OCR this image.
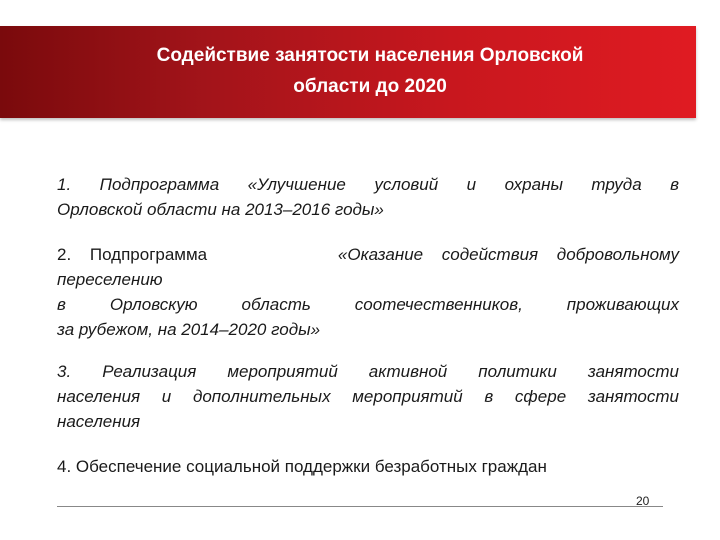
Содействие занятости населения Орловской
области до 2020
1. Подпрограмма «Улучшение условий и охраны труда в
Орловской области на 2013–2016 годы»
2. Подпрограмма	«Оказание содействия добровольному
переселению
в Орловскую область соотечественников, проживающих
за рубежом, на 2014–2020 годы»
3. Реализация мероприятий активной политики занятости
населения и дополнительных мероприятий в сфере занятости
населения
4. Обеспечение социальной поддержки безработных граждан
20
